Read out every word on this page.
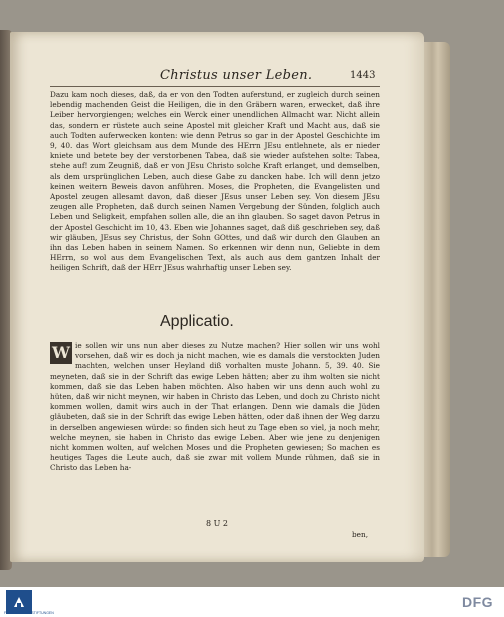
Christus unser Leben.	1443

Dazu kam noch dieses, daß, da er von den Todten auferstund, er zugleich durch seinen lebendig machenden Geist die Heiligen, die in den Gräbern waren, erwecket, daß ihre Leiber hervorgiengen; welches ein Werck einer unendlichen Allmacht war. Nicht allein das, sondern er rüstete auch seine Apostel mit gleicher Kraft und Macht aus, daß sie auch Todten auferwecken konten: wie denn Petrus so gar in der Apostel Geschichte im 9, 40. das Wort gleichsam aus dem Munde des HErrn JEsu entlehnete, als er nieder kniete und betete bey der verstorbenen Tabea, daß sie wieder aufstehen solte: Tabea, stehe auf! zum Zeugniß, daß er von JEsu Christo solche Kraft erlanget, und demselben, als dem ursprünglichen Leben, auch diese Gabe zu dancken habe. Ich will denn jetzo keinen weitern Beweis davon anführen. Moses, die Propheten, die Evangelisten und Apostel zeugen allesamt davon, daß dieser JEsus unser Leben sey. Von diesem JEsu zeugen alle Propheten, daß durch seinen Namen Vergebung der Sünden, folglich auch Leben und Seligkeit, empfahen sollen alle, die an ihn glauben. So saget davon Petrus in der Apostel Geschicht im 10, 43. Eben wie Johannes saget, daß diß geschrieben sey, daß wir gläuben, JEsus sey Christus, der Sohn GOttes, und daß wir durch den Glauben an ihn das Leben haben in seinem Namen. So erkennen wir denn nun, Geliebte in dem HErrn, so wol aus dem Evangelischen Text, als auch aus dem gantzen Inhalt der heiligen Schrift, daß der HErr JEsus wahrhaftig unser Leben sey.

Applicatio.
W ie sollen wir uns nun aber dieses zu Nutze machen? Hier sollen wir uns wohl vorsehen, daß wir es doch ja nicht machen, wie es damals die verstockten Juden machten, welchen unser Heyland diß vorhalten muste Johann. 5, 39. 40. Sie meyneten, daß sie in der Schrift das ewige Leben hätten; aber zu ihm wolten sie nicht kommen, daß sie das Leben haben möchten. Also haben wir uns denn auch wohl zu hüten, daß wir nicht meynen, wir haben in Christo das Leben, und doch zu Christo nicht kommen wollen, damit wirs auch in der That erlangen. Denn wie damals die Jüden gläubeten, daß sie in der Schrift das ewige Leben hätten, oder daß ihnen der Weg darzu in derselben angewiesen würde: so finden sich heut zu Tage eben so viel, ja noch mehr, welche meynen, sie haben in Christo das ewige Leben. Aber wie jene zu denjenigen nicht kommen wolten, auf welchen Moses und die Propheten gewiesen; So machen es heutiges Tages die Leute auch, daß sie zwar mit vollem Munde rühmen, daß sie in Christo das Leben ha-
8 U 2
ben,
FRANCKESCHE STIFTUNGEN
DFG
